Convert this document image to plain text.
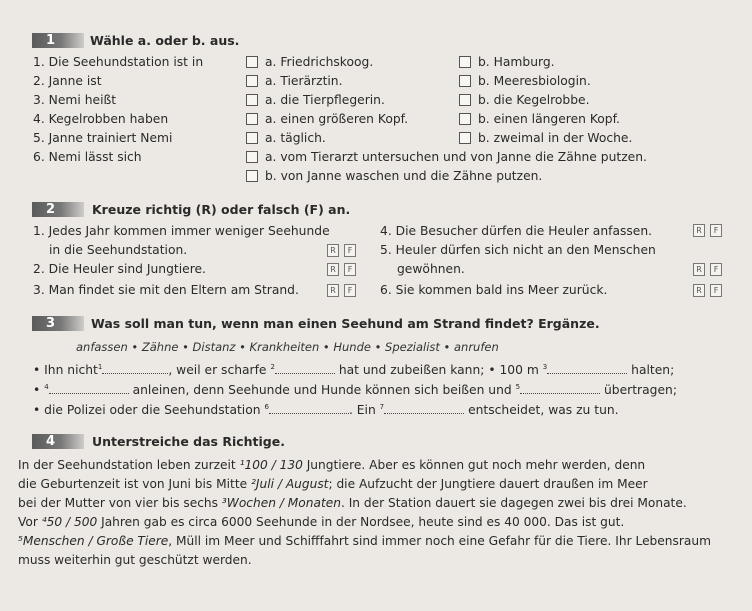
1	Wähle a. oder b. aus.
1. Die Seehundstation ist in	a. Friedrichskoog.	b. Hamburg.
2. Janne ist	a. Tierärztin.	b. Meeresbiologin.
3. Nemi heißt	a. die Tierpflegerin.	b. die Kegelrobbe.
4. Kegelrobben haben	a. einen größeren Kopf.	b. einen längeren Kopf.
5. Janne trainiert Nemi	a. täglich.	b. zweimal in der Woche.
6. Nemi lässt sich	a. vom Tierarzt untersuchen und von Janne die Zähne putzen.
b. von Janne waschen und die Zähne putzen.
2	Kreuze richtig (R) oder falsch (F) an.
1. Jedes Jahr kommen immer weniger Seehunde
in die Seehundstation.	R	F
2. Die Heuler sind Jungtiere.	R	F
3. Man findet sie mit den Eltern am Strand.	R	F
4. Die Besucher dürfen die Heuler anfassen.	R	F
5. Heuler dürfen sich nicht an den Menschen
gewöhnen.	R	F
6. Sie kommen bald ins Meer zurück.	R	F
3	Was soll man tun, wenn man einen Seehund am Strand findet? Ergänze.
anfassen • Zähne • Distanz • Krankheiten • Hunde • Spezialist • anrufen
• Ihn nicht$^1$	, weil er scharfe $^2$	hat und zubeißen kann; • 100 m $^3$	halten;
• $^4$	anleinen, denn Seehunde und Hunde können sich beißen und $^5$	übertragen;
• die Polizei oder die Seehundstation $^6$	. Ein $^7$	entscheidet, was zu tun.
4	Unterstreiche das Richtige.
In der Seehundstation leben zurzeit ¹100 / 130 Jungtiere. Aber es können gut noch mehr werden, denn
die Geburtenzeit ist von Juni bis Mitte ²Juli / August; die Aufzucht der Jungtiere dauert draußen im Meer
bei der Mutter von vier bis sechs ³Wochen / Monaten. In der Station dauert sie dagegen zwei bis drei Monate.
Vor ⁴50 / 500 Jahren gab es circa 6000 Seehunde in der Nordsee, heute sind es 40 000. Das ist gut.
⁵Menschen / Große Tiere, Müll im Meer und Schifffahrt sind immer noch eine Gefahr für die Tiere. Ihr Lebensraum
muss weiterhin gut geschützt werden.
